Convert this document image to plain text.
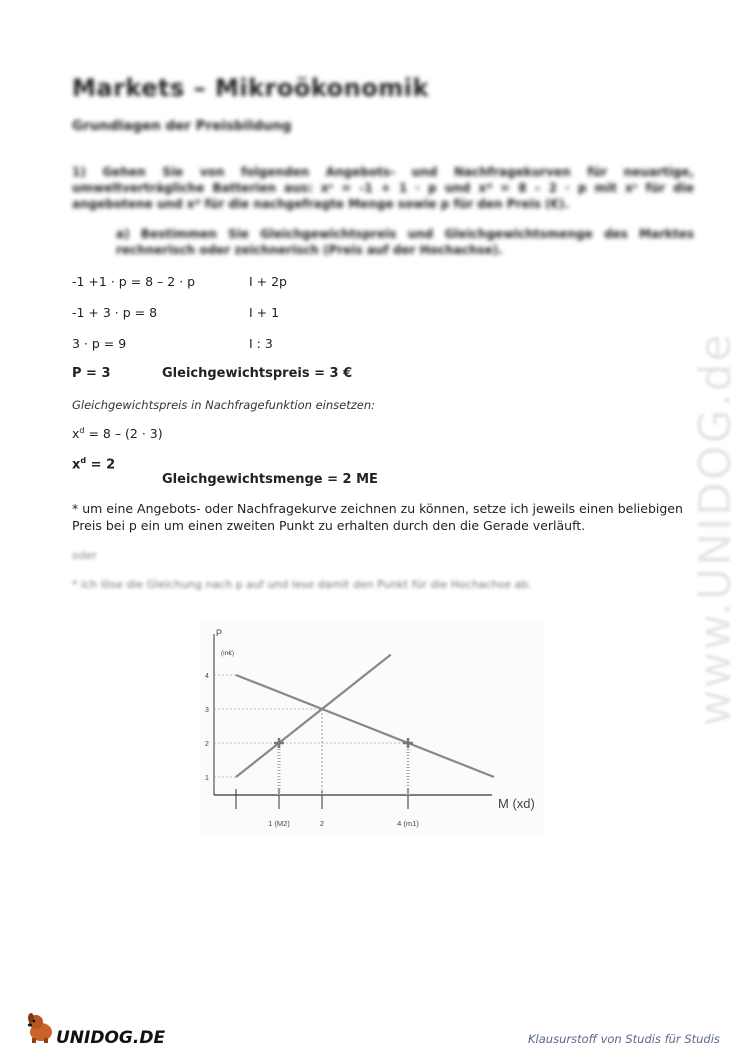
www.UNIDOG.de
Markets – Mikroökonomik
Grundlagen der Preisbildung
1) Gehen Sie von folgenden Angebots- und Nachfragekurven für neuartige, umweltverträgliche Batterien aus: xˢ = -1 + 1 · p und xᵈ = 8 – 2 · p mit xˢ für die angebotene und xᵈ für die nachgefragte Menge sowie p für den Preis (€).
a) Bestimmen Sie Gleichgewichtspreis und Gleichgewichtsmenge des Marktes rechnerisch oder zeichnerisch (Preis auf der Hochachse).
-1 +1 · p = 8 – 2 · p	I + 2p
-1 + 3 · p = 8	I + 1
3 · p = 9	I : 3
P = 3	Gleichgewichtspreis = 3 €
Gleichgewichtspreis in Nachfragefunktion einsetzen:
$x^d = 8 - (2 \cdot 3)$
$x^d = 2$
Gleichgewichtsmenge = 2 ME
* um eine Angebots- oder Nachfragekurve zeichnen zu können, setze ich jeweils einen beliebigen Preis bei p ein um einen zweiten Punkt zu erhalten durch den die Gerade verläuft.
oder
* ich löse die Gleichung nach p auf und lese damit den Punkt für die Hochachse ab.
P
(in€)
M (xd)
1
2
3
4
1 (M2)	2	4 (m1)
UNIDOG.DE	Klausurstoff von Studis für Studis
